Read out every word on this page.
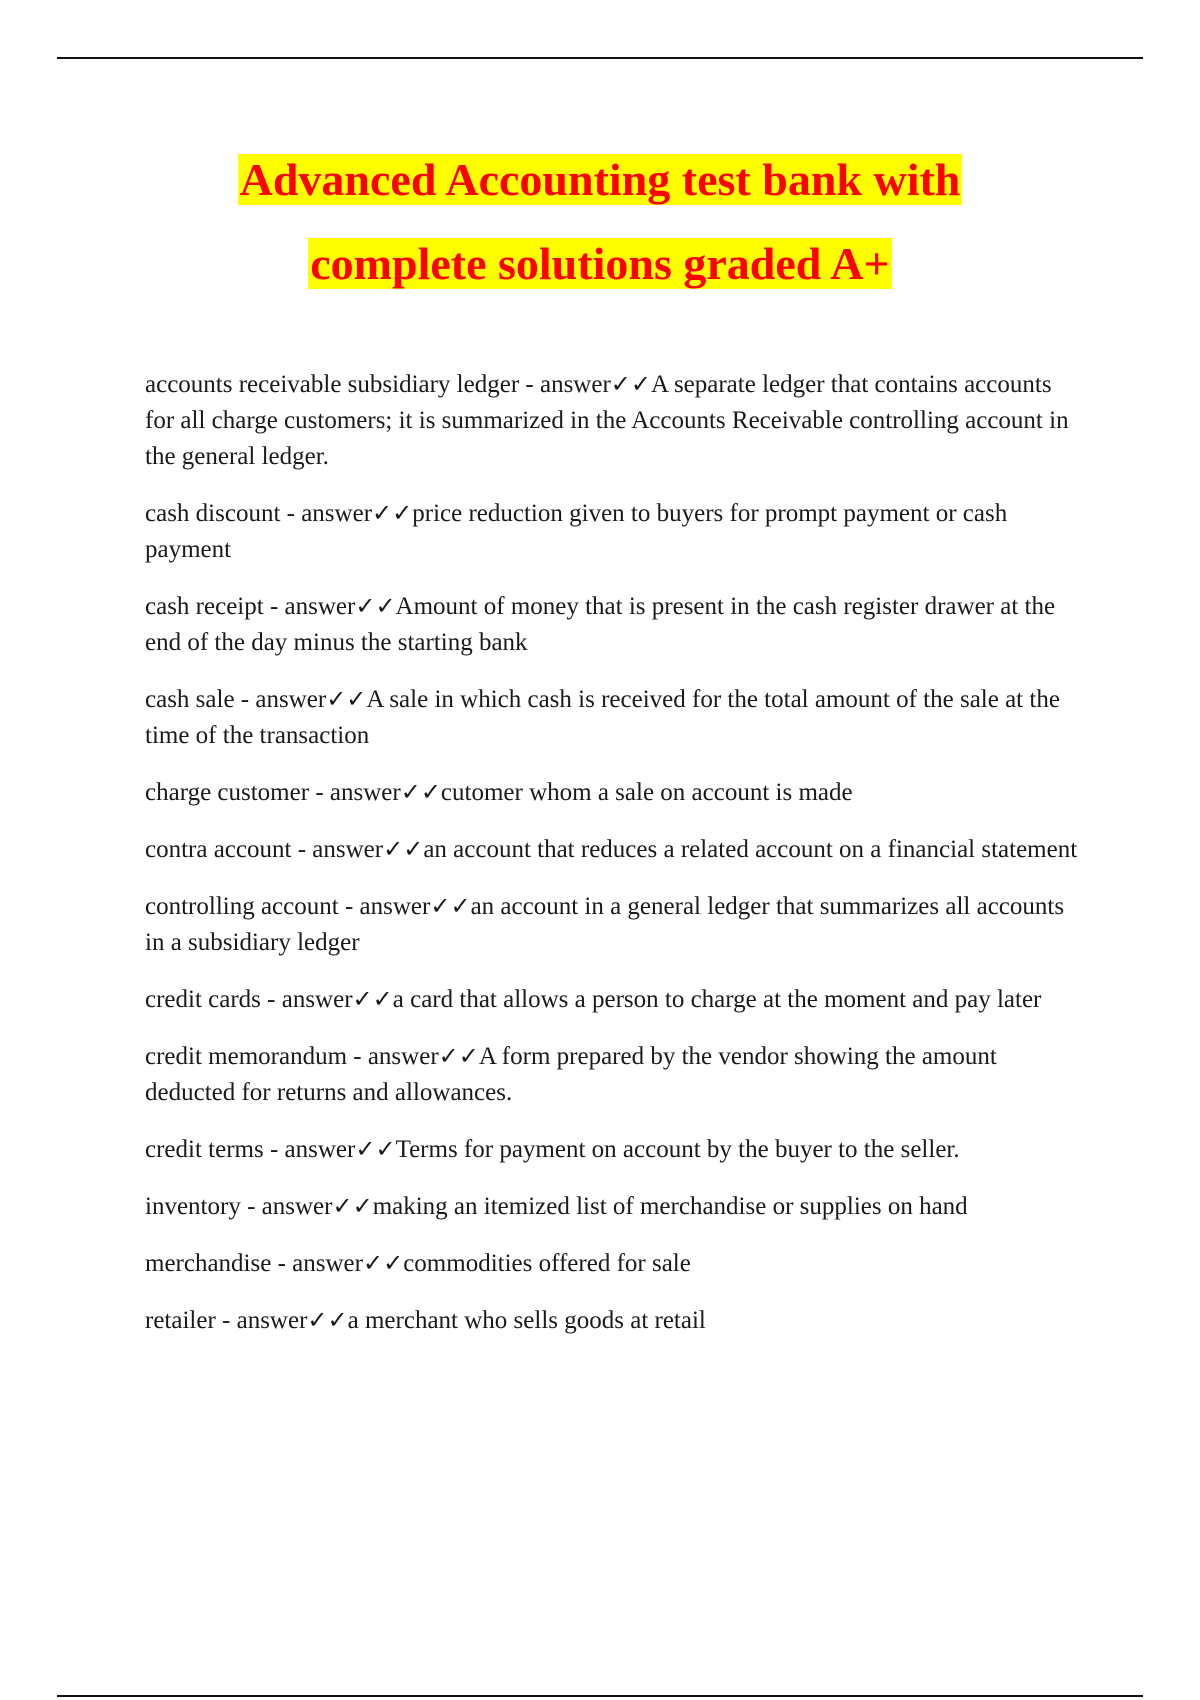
Advanced Accounting test bank with
complete solutions graded A+

accounts receivable subsidiary ledger - answer✓✓A separate ledger that contains accounts for all charge customers; it is summarized in the Accounts Receivable controlling account in the general ledger.

cash discount - answer✓✓price reduction given to buyers for prompt payment or cash payment

cash receipt - answer✓✓Amount of money that is present in the cash register drawer at the end of the day minus the starting bank

cash sale - answer✓✓A sale in which cash is received for the total amount of the sale at the time of the transaction

charge customer - answer✓✓cutomer whom a sale on account is made

contra account - answer✓✓an account that reduces a related account on a financial statement

controlling account - answer✓✓an account in a general ledger that summarizes all accounts in a subsidiary ledger

credit cards - answer✓✓a card that allows a person to charge at the moment and pay later

credit memorandum - answer✓✓A form prepared by the vendor showing the amount deducted for returns and allowances.

credit terms - answer✓✓Terms for payment on account by the buyer to the seller.

inventory - answer✓✓making an itemized list of merchandise or supplies on hand

merchandise - answer✓✓commodities offered for sale

retailer - answer✓✓a merchant who sells goods at retail
